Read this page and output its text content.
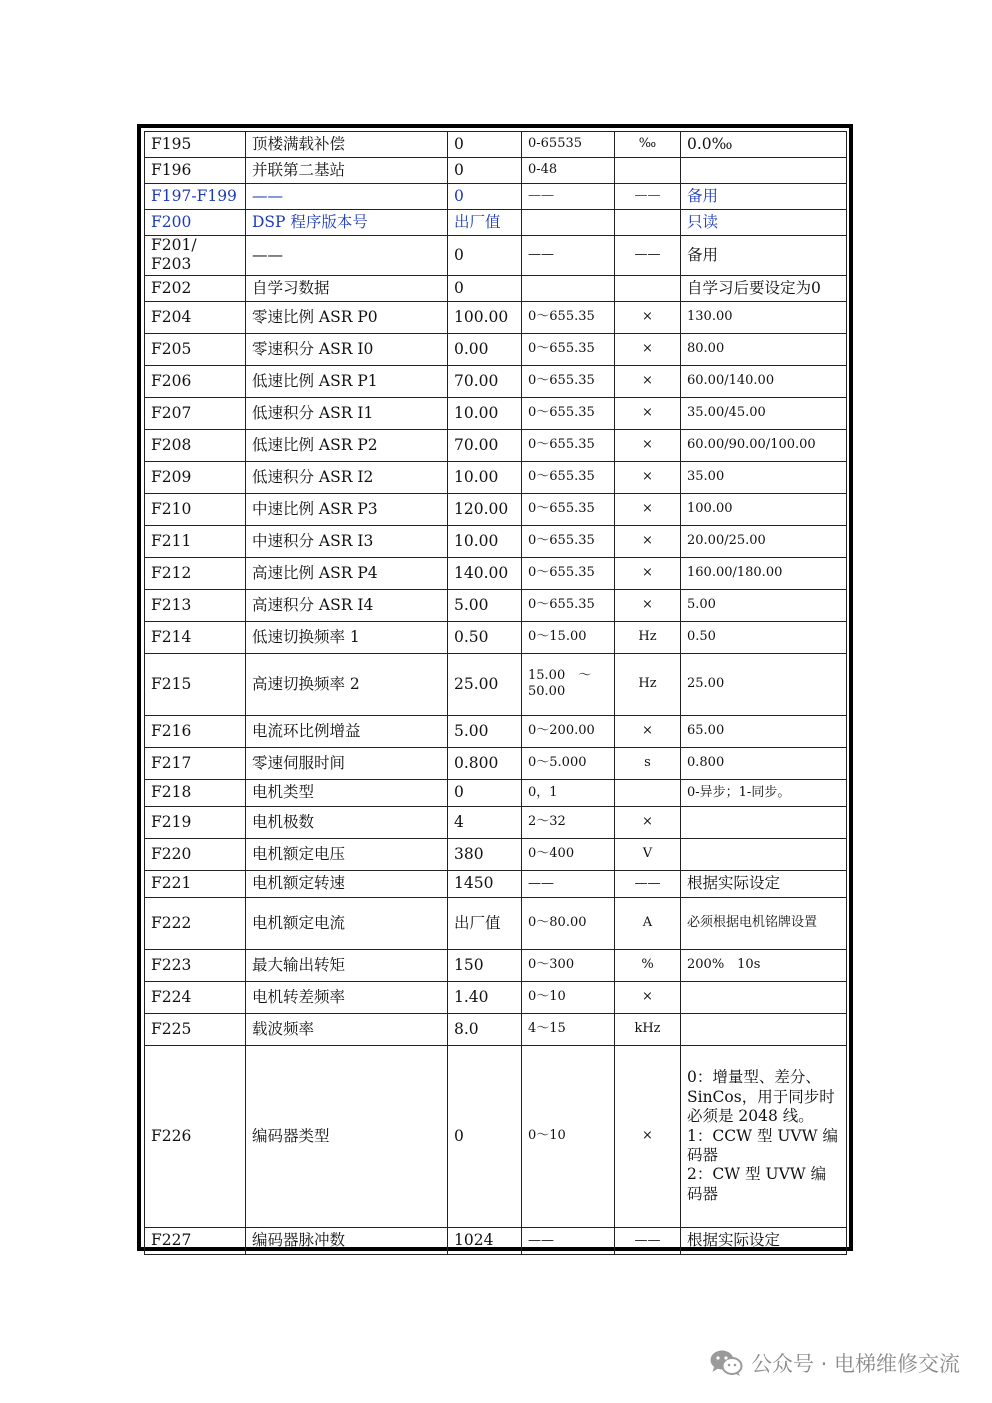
F195	顶楼满载补偿	0	0-65535	‰	0.0‰
F196	并联第二基站	0	0-48		
F197-F199	——	0	——	——	备用
F200	DSP 程序版本号	出厂值			只读
F201/ F203	——	0	——	——	备用
F202	自学习数据	0			自学习后要设定为0
F204	零速比例 ASR P0	100.00	0～655.35	×	130.00
F205	零速积分 ASR I0	0.00	0～655.35	×	80.00
F206	低速比例 ASR P1	70.00	0～655.35	×	60.00/140.00
F207	低速积分 ASR I1	10.00	0～655.35	×	35.00/45.00
F208	低速比例 ASR P2	70.00	0～655.35	×	60.00/90.00/100.00
F209	低速积分 ASR I2	10.00	0～655.35	×	35.00
F210	中速比例 ASR P3	120.00	0～655.35	×	100.00
F211	中速积分 ASR I3	10.00	0～655.35	×	20.00/25.00
F212	高速比例 ASR P4	140.00	0～655.35	×	160.00/180.00
F213	高速积分 ASR I4	5.00	0～655.35	×	5.00
F214	低速切换频率 1	0.50	0～15.00	Hz	0.50
F215	高速切换频率 2	25.00	15.00　～ 50.00	Hz	25.00
F216	电流环比例增益	5.00	0～200.00	×	65.00
F217	零速伺服时间	0.800	0～5.000	s	0.800
F218	电机类型	0	0，1		0-异步；1-同步。
F219	电机极数	4	2～32	×	
F220	电机额定电压	380	0～400	V	
F221	电机额定转速	1450	——	——	根据实际设定
F222	电机额定电流	出厂值	0～80.00	A	必须根据电机铭牌设置
F223	最大输出转矩	150	0～300	%	200%　10s
F224	电机转差频率	1.40	0～10	×	
F225	载波频率	8.0	4～15	kHz	
F226	编码器类型	0	0～10	×	0：增量型、差分、SinCos，用于同步时必须是 2048 线。
1：CCW 型 UVW 编码器
2：CW 型 UVW 编码器

F227	编码器脉冲数	1024	——	——	根据实际设定
公众号 · 电梯维修交流
